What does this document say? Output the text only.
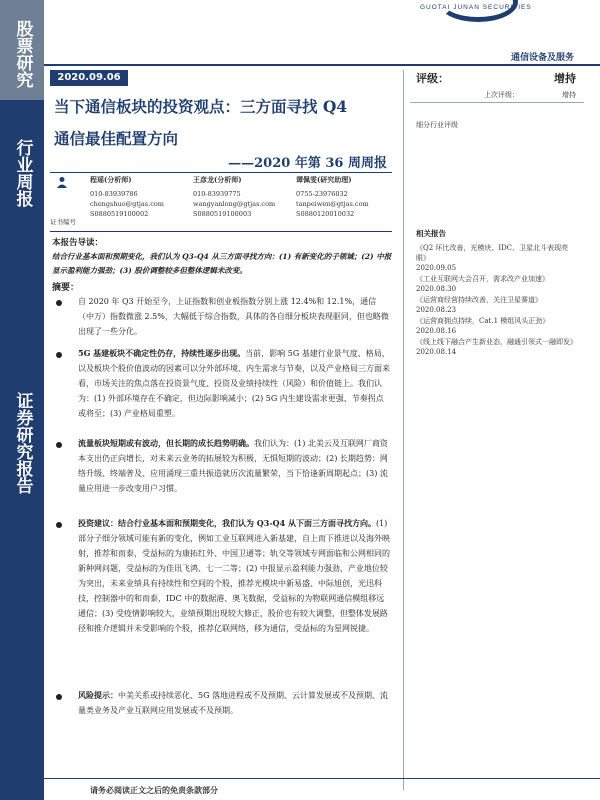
股票研究
行业周报
证券研究报告
GUOTAI JUNAN SECURITIES
通信设备及服务
2020.09.06
当下通信板块的投资观点：三方面寻找 Q4
通信最佳配置方向
——2020 年第 36 周周报
证书编号
程瑶(分析师)
010-83939786
chengshuo@gtjas.com
S0880519100002
王彦龙(分析师)
010-83939775
wangyanlong@gtjas.com
S0880519100003
谭佩雯(研究助理)
0755-23976032
tanpeiwen@gtjas.com
S0880120010032
评级：	增持
上次评级：	增持
细分行业评级
相关报告
《Q2 环比改善，光模块、IDC、卫星北斗表现亮眼》
2020.09.05
《工业互联网大会召开，需求改产业加速》
2020.08.30
《运营商经营持续改善，关注卫星赛道》
2020.08.23
《运营商拥点持续，Cat.1 模组风头正劲》
2020.08.16
《线上线下融合产生新业态，融通引领式一融即发》
2020.08.14
本报告导读：
结合行业基本面和预期变化，我们认为 Q3-Q4 从三方面寻找方向：(1) 有新变化的子领域；(2) 中报显示盈利能力强劲；(3) 股价调整较多但整体逻辑未改变。
摘要：
自 2020 年 Q3 开始至今，上证指数和创业板指数分别上涨 12.4%和 12.1%，通信（中万）指数微涨 2.5%，大幅低于综合指数，具体的各自细分板块表现驱同，但也略微出现了一些分化。
5G 基建板块不确定性仍存，持续性逐步出现。当前，影响 5G 基建行业景气度、格局，以及板块个股价值波动的因素可以分外部环境、内生需求与节奏，以及产业格局三方面来看，市场关注的焦点落在投资景气度、投资及业绩持续性（风险）和价值链上。我们认为：(1) 外部环境存在不确定，但边际影响减小；(2) 5G 内生建设需求更强、节奏拐点或将至；(3) 产业格局重塑。
流量板块短期或有波动，但长期的成长趋势明确。我们认为：(1) 北美云及互联网厂商资本支出仍正向增长，对未来云业务的拓展较为积极，无惧短期的波动；(2) 长期趋势：网络升级、终端普及、应用涌现三重共振造就历次流量繁荣，当下恰逢新周期起点；(3) 流量应用进一步改变用户习惯。
投资建议：结合行业基本面和预期变化，我们认为 Q3-Q4 从下面三方面寻找方向。(1) 部分子细分领域可能有新的变化，例如工业互联网进入新基建，自上而下推进以及海外映射，推荐和而泰，受益标的为康拓红外、中国卫通等；轨交等领域专网面临和公网相同的新种网问题，受益标的为佳讯飞鸿、七一二等；(2) 中报显示盈利能力强劲，产业地位较为突出，未来业绩具有持续性和空间的个股，推荐光模块中新易盛、中际旭创，光迅科技，控制器中的和而泰，IDC 中的数据港、奥飞数据，受益标的为物联网通信模组移远通信；(3) 受疫情影响较大，业绩预期出现较大修正，股价也有较大调整，但整体发展路径和推介逻辑并未受影响的个股，推荐亿联网络，移为通信，受益标的为星网锐捷。
风险提示：中美关系或持续恶化、5G 落地进程或不及预期、云计算发展或不及预期、流量类业务及产业互联网应用发展或不及预期。
请务必阅读正文之后的免责条款部分
